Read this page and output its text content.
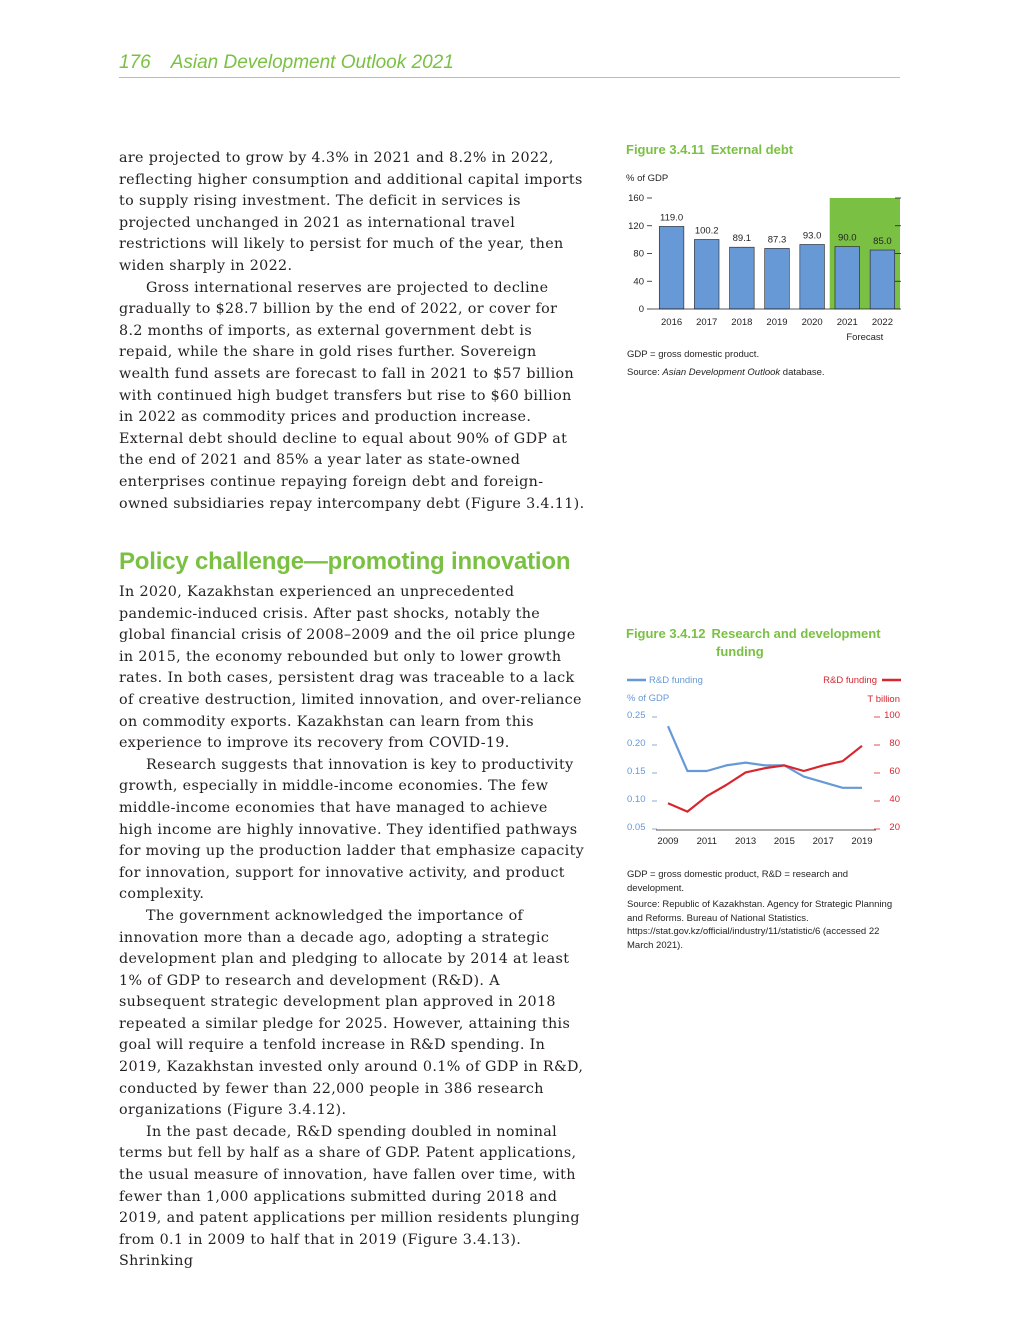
176 Asian Development Outlook 2021

are projected to grow by 4.3% in 2021 and 8.2% in 2022, reflecting higher consumption and additional capital imports to supply rising investment. The deficit in services is projected unchanged in 2021 as international travel restrictions will likely to persist for much of the year, then widen sharply in 2022.

Gross international reserves are projected to decline gradually to $28.7 billion by the end of 2022, or cover for 8.2 months of imports, as external government debt is repaid, while the share in gold rises further. Sovereign wealth fund assets are forecast to fall in 2021 to $57 billion with continued high budget transfers but rise to $60 billion in 2022 as commodity prices and production increase. External debt should decline to equal about 90% of GDP at the end of 2021 and 85% a year later as state-owned enterprises continue repaying foreign debt and foreign-owned subsidiaries repay intercompany debt (Figure 3.4.11).

Policy challenge—promoting innovation

In 2020, Kazakhstan experienced an unprecedented pandemic-induced crisis. After past shocks, notably the global financial crisis of 2008–2009 and the oil price plunge in 2015, the economy rebounded but only to lower growth rates. In both cases, persistent drag was traceable to a lack of creative destruction, limited innovation, and over-reliance on commodity exports. Kazakhstan can learn from this experience to improve its recovery from COVID-19.

Research suggests that innovation is key to productivity growth, especially in middle-income economies. The few middle-income economies that have managed to achieve high income are highly innovative. They identified pathways for moving up the production ladder that emphasize capacity for innovation, support for innovative activity, and product complexity.

The government acknowledged the importance of innovation more than a decade ago, adopting a strategic development plan and pledging to allocate by 2014 at least 1% of GDP to research and development (R&D). A subsequent strategic development plan approved in 2018 repeated a similar pledge for 2025. However, attaining this goal will require a tenfold increase in R&D spending. In 2019, Kazakhstan invested only around 0.1% of GDP in R&D, conducted by fewer than 22,000 people in 386 research organizations (Figure 3.4.12).

In the past decade, R&D spending doubled in nominal terms but fell by half as a share of GDP. Patent applications, the usual measure of innovation, have fallen over time, with fewer than 1,000 applications submitted during 2018 and 2019, and patent applications per million residents plunging from 0.1 in 2009 to half that in 2019 (Figure 3.4.13). Shrinking

Figure 3.4.11 External debt
% of GDP
0
40
80
120
160
119.0
2016
100.2
2017
89.1
2018
87.3
2019
93.0
2020
90.0
2021
85.0
2022
Forecast
GDP = gross domestic product.
Source: Asian Development Outlook database.
Figure 3.4.12 Research and development
funding
R&D funding	R&D funding
% of GDP	T billion
0.25
0.20
0.15
0.10
0.05
100
80
60
40
20
2009 2011 2013 2015 2017 2019
GDP = gross domestic product, R&D = research and development.
Source: Republic of Kazakhstan. Agency for Strategic Planning and Reforms. Bureau of National Statistics. https://stat.gov.kz/official/industry/11/statistic/6 (accessed 22 March 2021).
